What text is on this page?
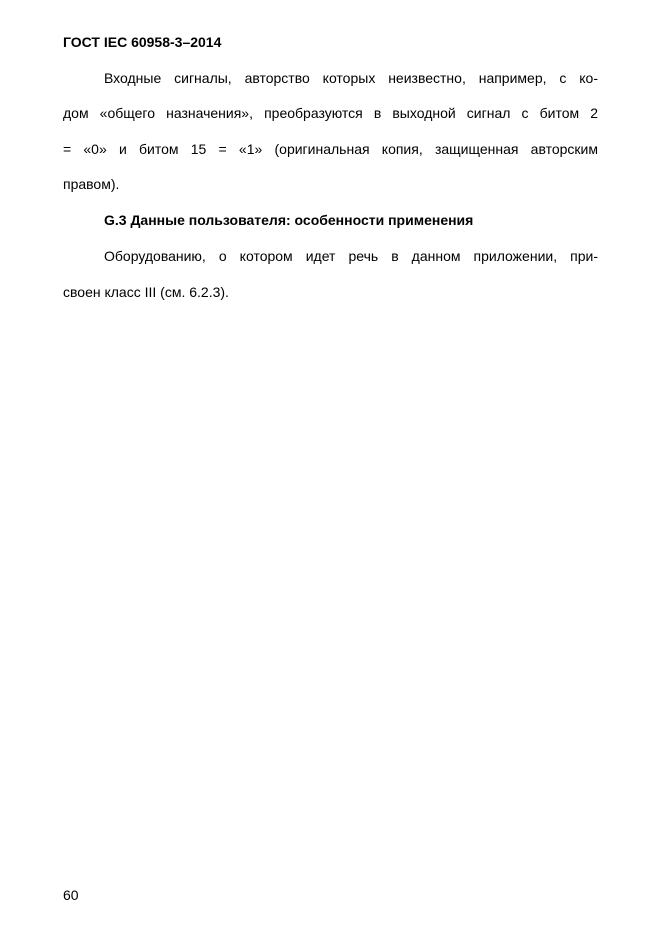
ГОСТ IEC 60958-3–2014
Входные сигналы, авторство которых неизвестно, например, с ко-
дом «общего назначения», преобразуются в выходной сигнал с битом 2
= «0» и битом 15 = «1» (оригинальная копия, защищенная авторским
правом).
G.3 Данные пользователя: особенности применения
Оборудованию, о котором идет речь в данном приложении, при-
своен класс III (см. 6.2.3).
60
